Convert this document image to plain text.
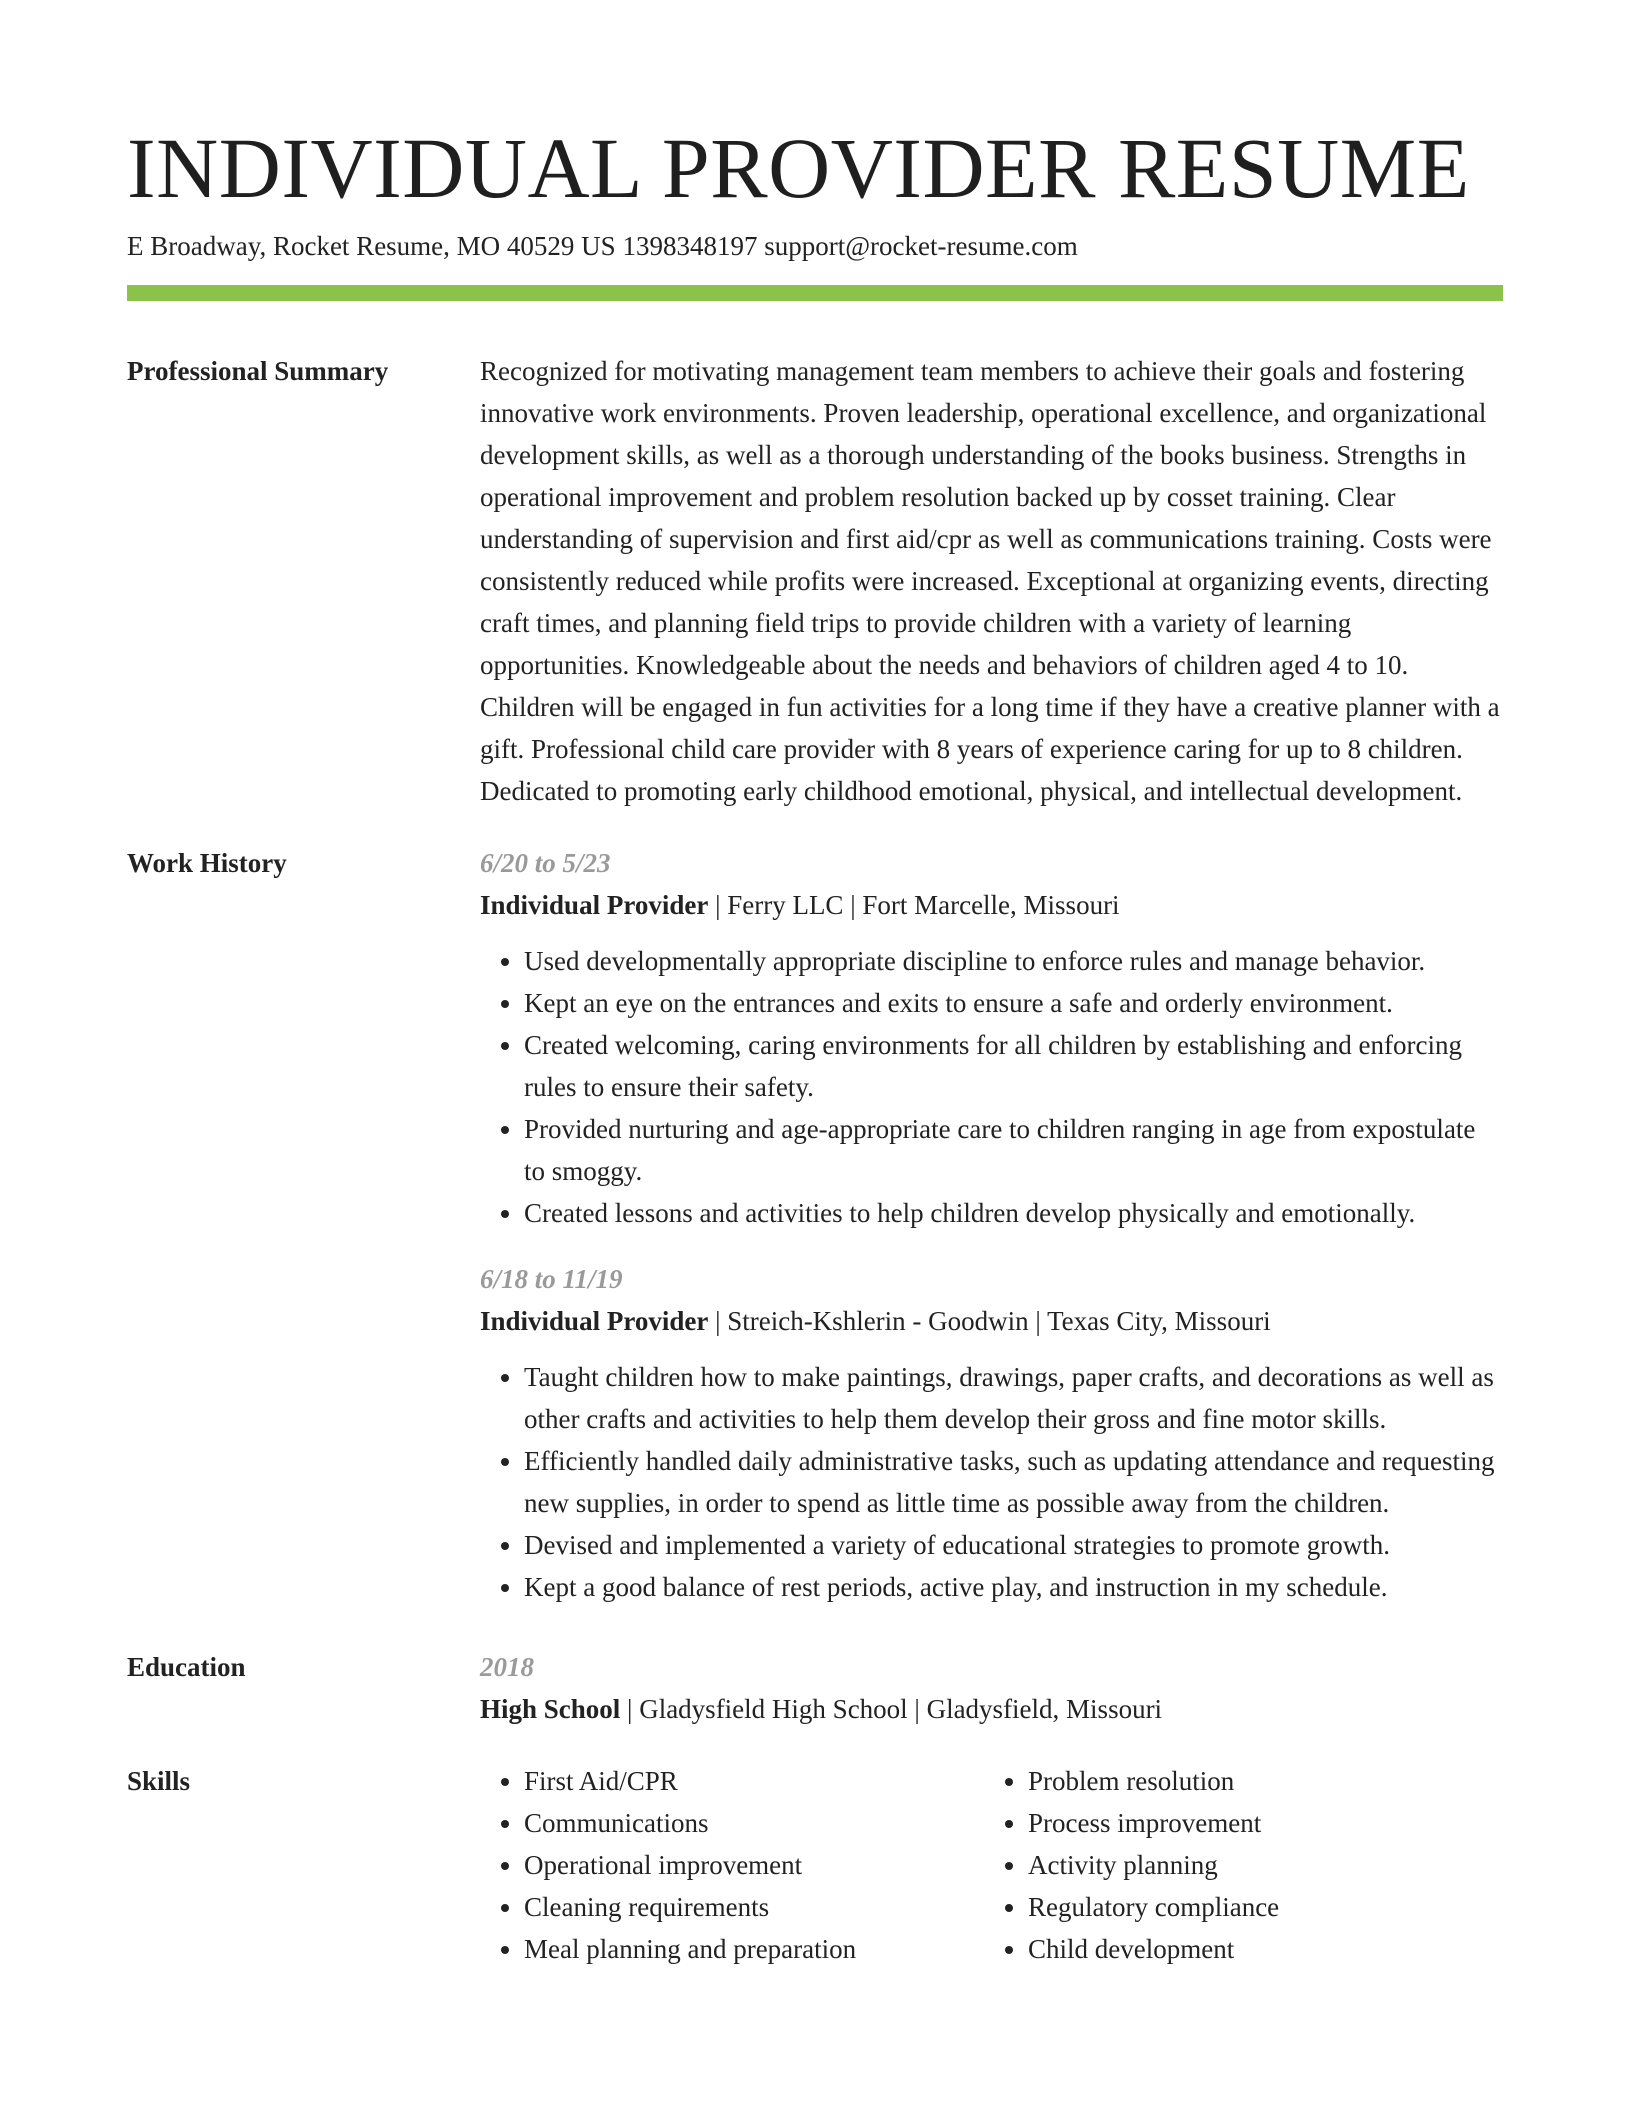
INDIVIDUAL PROVIDER RESUME
E Broadway, Rocket Resume, MO 40529 US 1398348197 support@rocket-resume.com
Professional Summary	Recognized for motivating management team members to achieve their goals and fostering innovative work environments. Proven leadership, operational excellence, and organizational development skills, as well as a thorough understanding of the books business. Strengths in operational improvement and problem resolution backed up by cosset training. Clear understanding of supervision and first aid/cpr as well as communications training. Costs were consistently reduced while profits were increased. Exceptional at organizing events, directing craft times, and planning field trips to provide children with a variety of learning opportunities. Knowledgeable about the needs and behaviors of children aged 4 to 10. Children will be engaged in fun activities for a long time if they have a creative planner with a gift. Professional child care provider with 8 years of experience caring for up to 8 children. Dedicated to promoting early childhood emotional, physical, and intellectual development.

Work History	6/20 to 5/23

Individual Provider | Ferry LLC | Fort Marcelle, Missouri

• Used developmentally appropriate discipline to enforce rules and manage behavior.
• Kept an eye on the entrances and exits to ensure a safe and orderly environment.
• Created welcoming, caring environments for all children by establishing and enforcing rules to ensure their safety.
• Provided nurturing and age-appropriate care to children ranging in age from expostulate to smoggy.
• Created lessons and activities to help children develop physically and emotionally.
6/18 to 11/19

Individual Provider | Streich-Kshlerin - Goodwin | Texas City, Missouri

• Taught children how to make paintings, drawings, paper crafts, and decorations as well as other crafts and activities to help them develop their gross and fine motor skills.
• Efficiently handled daily administrative tasks, such as updating attendance and requesting new supplies, in order to spend as little time as possible away from the children.
• Devised and implemented a variety of educational strategies to promote growth.
• Kept a good balance of rest periods, active play, and instruction in my schedule.
Education	2018

High School | Gladysfield High School | Gladysfield, Missouri

Skills
•	First Aid/CPR
• Communications
• Operational improvement
• Cleaning requirements
• Meal planning and preparation
• Problem resolution
• Process improvement
• Activity planning
• Regulatory compliance
• Child development
